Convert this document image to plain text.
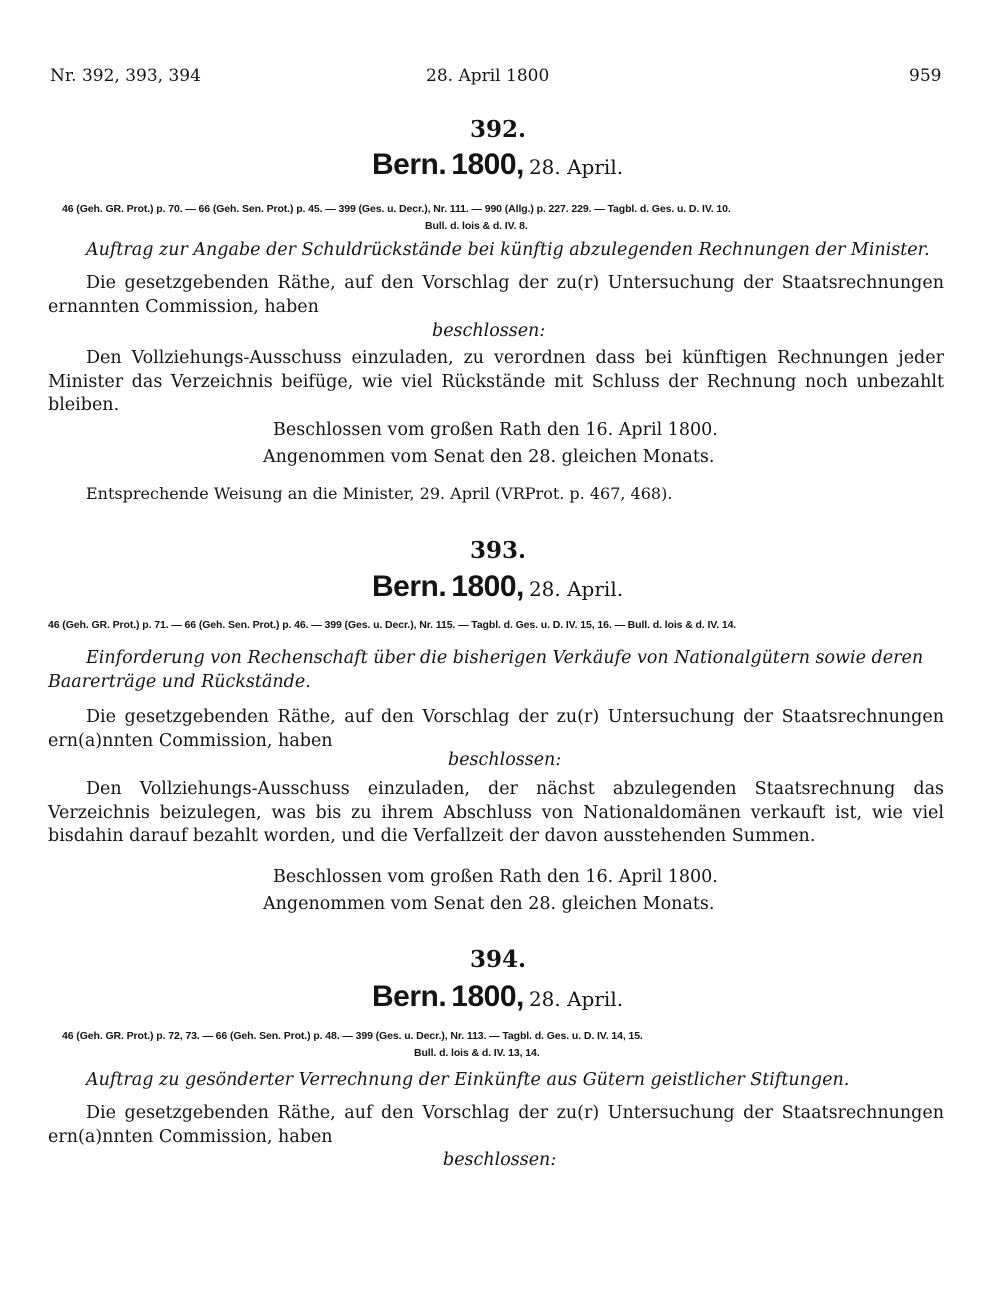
Nr. 392, 393, 394	28. April 1800	959
392.
Bern. 1800, 28. April.
46 (Geh. GR. Prot.) p. 70. — 66 (Geh. Sen. Prot.) p. 45. — 399 (Ges. u. Decr.), Nr. 111. — 990 (Allg.) p. 227. 229. — Tagbl. d. Ges. u. D. IV. 10.
Bull. d. lois & d. IV. 8.
Auftrag zur Angabe der Schuldrückstände bei künftig abzulegenden Rechnungen der Minister.
Die gesetzgebenden Räthe, auf den Vorschlag der zu(r) Untersuchung der Staatsrechnungen ernannten Commission, haben
beschlossen:
Den Vollziehungs-Ausschuss einzuladen, zu verordnen dass bei künftigen Rechnungen jeder Minister das Verzeichnis beifüge, wie viel Rückstände mit Schluss der Rechnung noch unbezahlt bleiben.
Beschlossen vom großen Rath den 16. April 1800.
Angenommen vom Senat den 28. gleichen Monats.
Entsprechende Weisung an die Minister, 29. April (VRProt. p. 467, 468).
393.
Bern. 1800, 28. April.
46 (Geh. GR. Prot.) p. 71. — 66 (Geh. Sen. Prot.) p. 46. — 399 (Ges. u. Decr.), Nr. 115. — Tagbl. d. Ges. u. D. IV. 15, 16. — Bull. d. lois & d. IV. 14.
Einforderung von Rechenschaft über die bisherigen Verkäufe von Nationalgütern sowie deren
Baarerträge und Rückstände.
Die gesetzgebenden Räthe, auf den Vorschlag der zu(r) Untersuchung der Staatsrechnungen ern(a)nnten Commission, haben
beschlossen:
Den Vollziehungs-Ausschuss einzuladen, der nächst abzulegenden Staatsrechnung das Verzeichnis beizulegen, was bis zu ihrem Abschluss von Nationaldomänen verkauft ist, wie viel bisdahin darauf bezahlt worden, und die Verfallzeit der davon ausstehenden Summen.
Beschlossen vom großen Rath den 16. April 1800.
Angenommen vom Senat den 28. gleichen Monats.
394.
Bern. 1800, 28. April.
46 (Geh. GR. Prot.) p. 72, 73. — 66 (Geh. Sen. Prot.) p. 48. — 399 (Ges. u. Decr.), Nr. 113. — Tagbl. d. Ges. u. D. IV. 14, 15.
Bull. d. lois & d. IV. 13, 14.
Auftrag zu gesönderter Verrechnung der Einkünfte aus Gütern geistlicher Stiftungen.
Die gesetzgebenden Räthe, auf den Vorschlag der zu(r) Untersuchung der Staatsrechnungen ern(a)nnten Commission, haben
beschlossen:
